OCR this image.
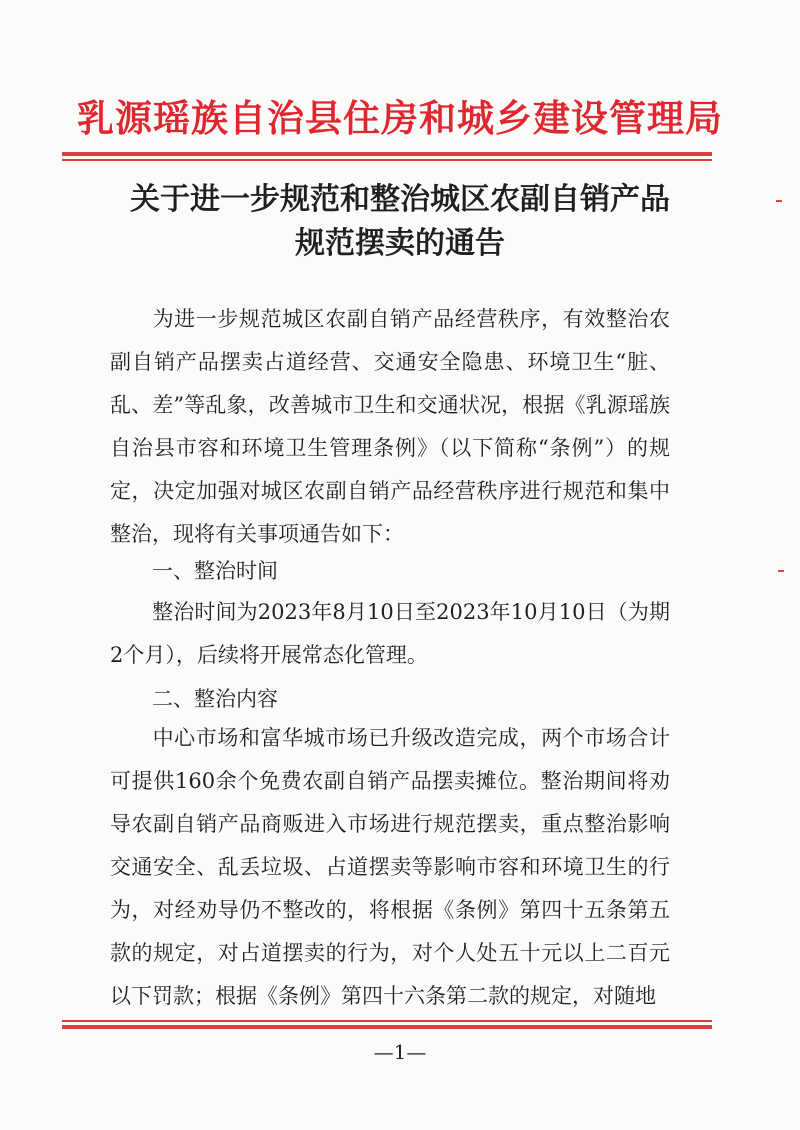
乳源瑶族自治县住房和城乡建设管理局
关于进一步规范和整治城区农副自销产品
规范摆卖的通告
为进一步规范城区农副自销产品经营秩序，有效整治农副自销产品摆卖占道经营、交通安全隐患、环境卫生“脏、乱、差”等乱象，改善城市卫生和交通状况，根据《乳源瑶族自治县市容和环境卫生管理条例》（以下简称“条例”）的规定，决定加强对城区农副自销产品经营秩序进行规范和集中整治，现将有关事项通告如下：
一、整治时间
整治时间为2023年8月10日至2023年10月10日（为期2个月），后续将开展常态化管理。
二、整治内容
中心市场和富华城市场已升级改造完成，两个市场合计可提供160余个免费农副自销产品摆卖摊位。整治期间将劝导农副自销产品商贩进入市场进行规范摆卖，重点整治影响交通安全、乱丢垃圾、占道摆卖等影响市容和环境卫生的行为，对经劝导仍不整改的，将根据《条例》第四十五条第五款的规定，对占道摆卖的行为，对个人处五十元以上二百元以下罚款；根据《条例》第四十六条第二款的规定，对随地
—1—
